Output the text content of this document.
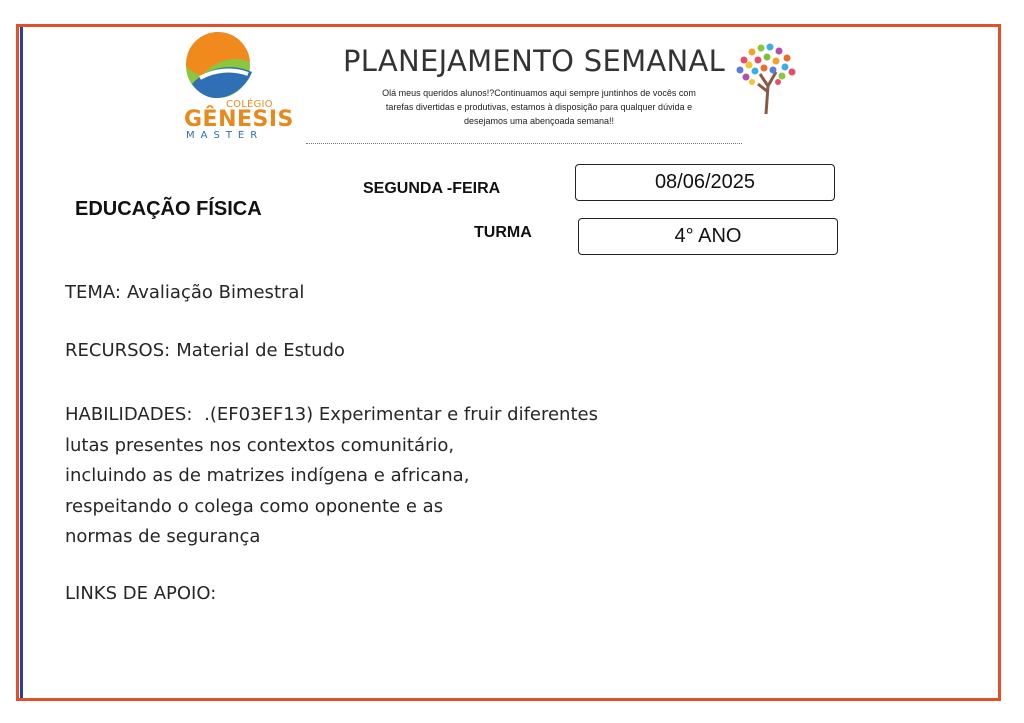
COLÉGIO
GÊNESIS
MASTER
PLANEJAMENTO SEMANAL
Olá meus queridos alunos!?Continuamos aqui sempre juntinhos de vocês com
tarefas divertidas e produtivas, estamos à disposição para qualquer dúvida e
desejamos uma abençoada semana!!
EDUCAÇÃO FÍSICA
SEGUNDA -FEIRA	08/06/2025
TURMA	4° ANO
TEMA: Avaliação Bimestral
RECURSOS: Material de Estudo
HABILIDADES: .(EF03EF13) Experimentar e fruir diferentes
lutas presentes nos contextos comunitário,
incluindo as de matrizes indígena e africana,
respeitando o colega como oponente e as
normas de segurança
LINKS DE APOIO:
